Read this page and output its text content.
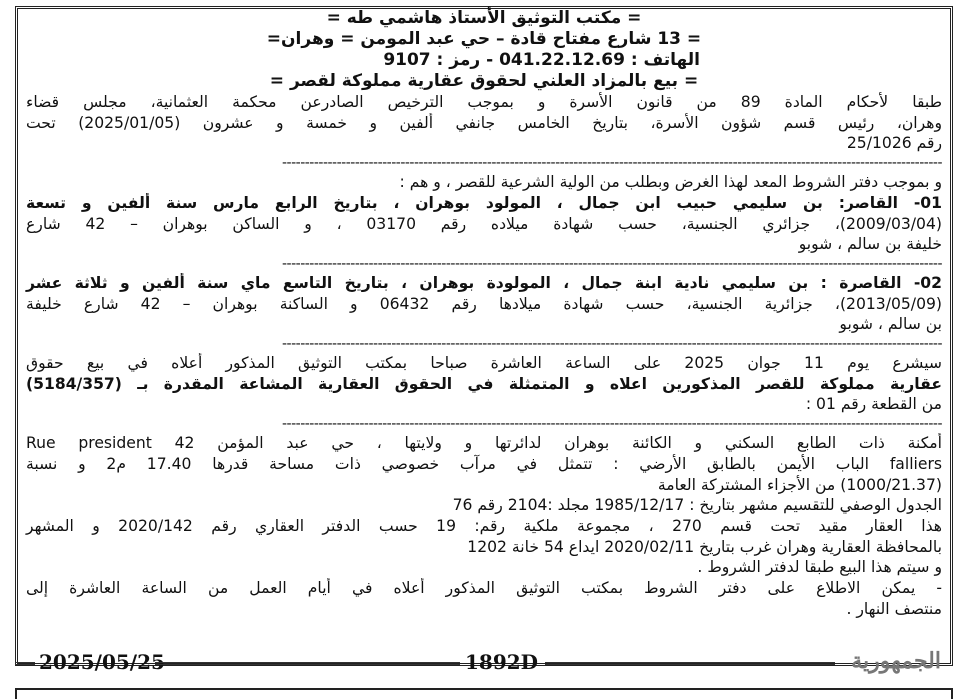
= مكتب التوثيق الأستاذ هاشمي طه =
= 13 شارع مفتاح قادة – حي عبد المومن = وهران=
الهاتف : 041.22.12.69 - رمز : 9107
= بيع بالمزاد العلني لحقوق عقارية مملوكة لقصر =
طبقا لأحكام المادة 89 من قانون الأسرة و بموجب الترخيص الصادرعن محكمة العثمانية، مجلس قضاء
وهران، رئيس قسم شؤون الأسرة، بتاريخ الخامس جانفي ألفين و خمسة و عشرون (2025/01/05) تحت
رقم 25/1026
-------------------------------------------------------------------------------------------------------------------------------------------------
و بموجب دفتر الشروط المعد لهذا الغرض وبطلب من الولية الشرعية للقصر ، و هم :
01- القاصر: بن سليمي حبيب ابن جمال ، المولود بوهران ، بتاريخ الرابع مارس سنة ألفين و تسعة
(2009/03/04)، جزائري الجنسية، حسب شهادة ميلاده رقم 03170 ، و الساكن بوهران – 42 شارع
خليفة بن سالم ، شوبو
-------------------------------------------------------------------------------------------------------------------------------------------------
02- القاصرة : بن سليمي نادية ابنة جمال ، المولودة بوهران ، بتاريخ التاسع ماي سنة ألفين و ثلاثة عشر
(2013/05/09)، جزائرية الجنسية، حسب شهادة ميلادها رقم 06432 و الساكنة بوهران – 42 شارع خليفة
بن سالم ، شوبو
-------------------------------------------------------------------------------------------------------------------------------------------------
سيشرع يوم 11 جوان 2025 على الساعة العاشرة صباحا بمكتب التوثيق المذكور أعلاه في بيع حقوق
عقارية مملوكة للقصر المذكورين اعلاه و المتمثلة في الحقوق العقارية المشاعة المقدرة بـ (5184/357)
من القطعة رقم 01 :
-------------------------------------------------------------------------------------------------------------------------------------------------
أمكنة ذات الطابع السكني و الكائنة بوهران لدائرتها و ولايتها ، حي عبد المؤمن 42 Rue president
falliers الباب الأيمن بالطابق الأرضي : تتمثل في مرآب خصوصي ذات مساحة قدرها 17.40 م2 و نسبة
(1000/21.37) من الأجزاء المشتركة العامة
الجدول الوصفي للتقسيم مشهر بتاريخ : 1985/12/17 مجلد :2104 رقم 76
هذا العقار مقيد تحت قسم 270 ، مجموعة ملكية رقم: 19 حسب الدفتر العقاري رقم 2020/142 و المشهر
بالمحافظة العقارية وهران غرب بتاريخ 2020/02/11 ايداع 54 خانة 1202
و سيتم هذا البيع طبقا لدفتر الشروط .
- يمكن الاطلاع على دفتر الشروط بمكتب التوثيق المذكور أعلاه في أيام العمل من الساعة العاشرة إلى
منتصف النهار .
2025/05/25	1892D	الجمهورية
